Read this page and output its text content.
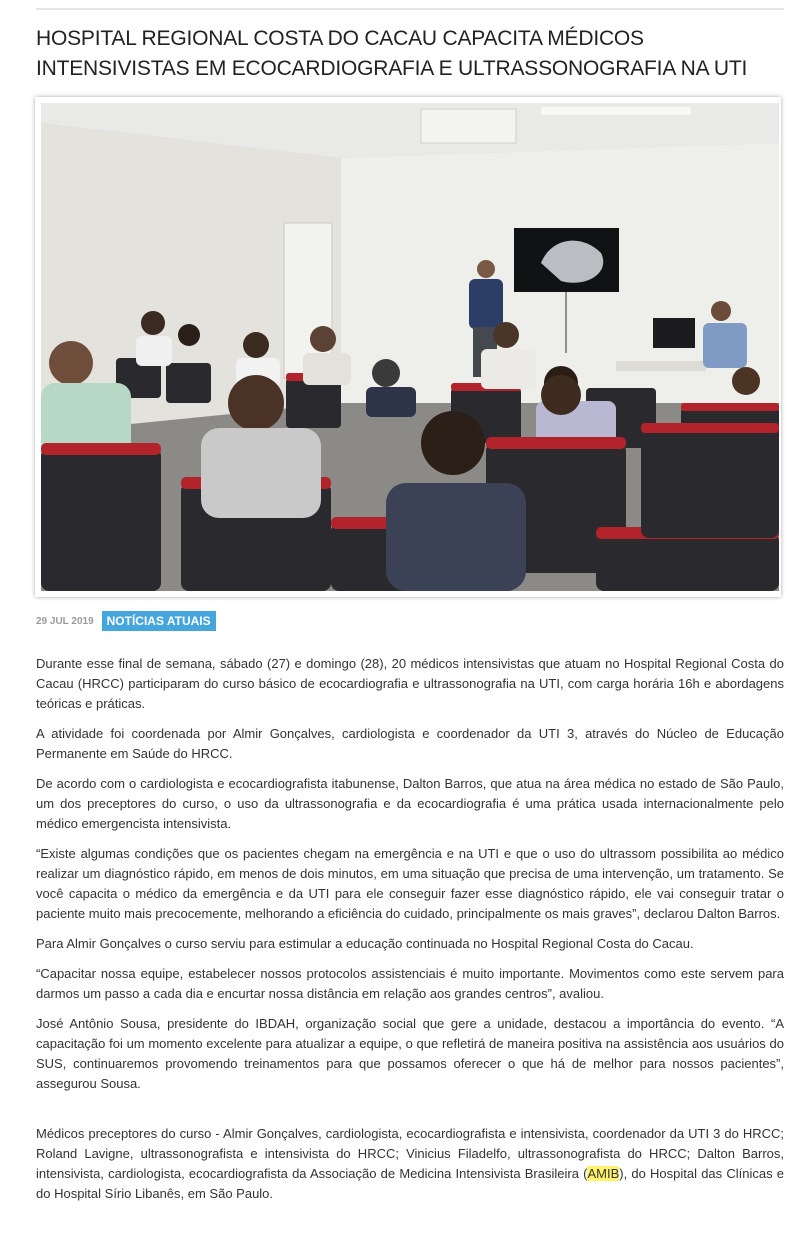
HOSPITAL REGIONAL COSTA DO CACAU CAPACITA MÉDICOS INTENSIVISTAS EM ECOCARDIOGRAFIA E ULTRASSONOGRAFIA NA UTI
29 JUL 2019	NOTÍCIAS ATUAIS

Durante esse final de semana, sábado (27) e domingo (28), 20 médicos intensivistas que atuam no Hospital Regional Costa do Cacau (HRCC) participaram do curso básico de ecocardiografia e ultrassonografia na UTI, com carga horária 16h e abordagens teóricas e práticas.

A atividade foi coordenada por Almir Gonçalves, cardiologista e coordenador da UTI 3, através do Núcleo de Educação Permanente em Saúde do HRCC.

De acordo com o cardiologista e ecocardiografista itabunense, Dalton Barros, que atua na área médica no estado de São Paulo, um dos preceptores do curso, o uso da ultrassonografia e da ecocardiografia é uma prática usada internacionalmente pelo médico emergencista intensivista.

“Existe algumas condições que os pacientes chegam na emergência e na UTI e que o uso do ultrassom possibilita ao médico realizar um diagnóstico rápido, em menos de dois minutos, em uma situação que precisa de uma intervenção, um tratamento. Se você capacita o médico da emergência e da UTI para ele conseguir fazer esse diagnóstico rápido, ele vai conseguir tratar o paciente muito mais precocemente, melhorando a eficiência do cuidado, principalmente os mais graves”, declarou Dalton Barros.

Para Almir Gonçalves o curso serviu para estimular a educação continuada no Hospital Regional Costa do Cacau.

“Capacitar nossa equipe, estabelecer nossos protocolos assistenciais é muito importante. Movimentos como este servem para darmos um passo a cada dia e encurtar nossa distância em relação aos grandes centros”, avaliou.

José Antônio Sousa, presidente do IBDAH, organização social que gere a unidade, destacou a importância do evento. “A capacitação foi um momento excelente para atualizar a equipe, o que refletirá de maneira positiva na assistência aos usuários do SUS, continuaremos provomendo treinamentos para que possamos oferecer o que há de melhor para nossos pacientes”, assegurou Sousa.

Médicos preceptores do curso - Almir Gonçalves, cardiologista, ecocardiografista e intensivista, coordenador da UTI 3 do HRCC; Roland Lavigne, ultrassonografista e intensivista do HRCC; Vinicius Filadelfo, ultrassonografista do HRCC; Dalton Barros, intensivista, cardiologista, ecocardiografista da Associação de Medicina Intensivista Brasileira (AMIB), do Hospital das Clínicas e do Hospital Sírio Libanês, em São Paulo.
